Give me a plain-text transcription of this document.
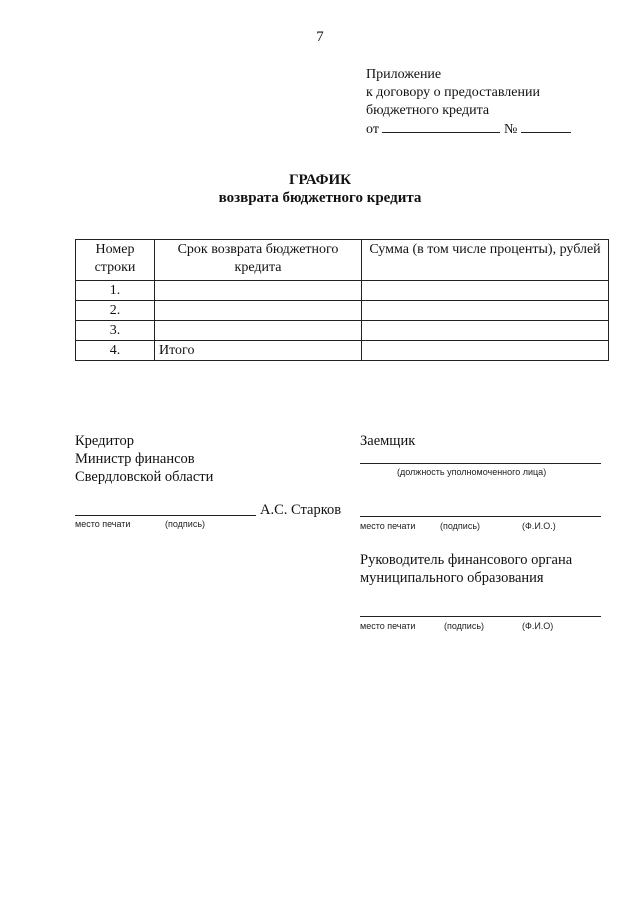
7
Приложение
к договору о предоставлении
бюджетного кредита
от	№
ГРАФИК
возврата бюджетного кредита
Номер строки	Срок возврата бюджетного кредита	Сумма (в том числе проценты), рублей
1.		
2.		
3.		
4.	Итого	
Кредитор
Министр финансов
Свердловской области
А.С. Старков
место печати	(подпись)
Заемщик
(должность уполномоченного лица)
место печати	(подпись)	(Ф.И.О.)
Руководитель финансового органа
муниципального образования
место печати	(подпись)	(Ф.И.О)
